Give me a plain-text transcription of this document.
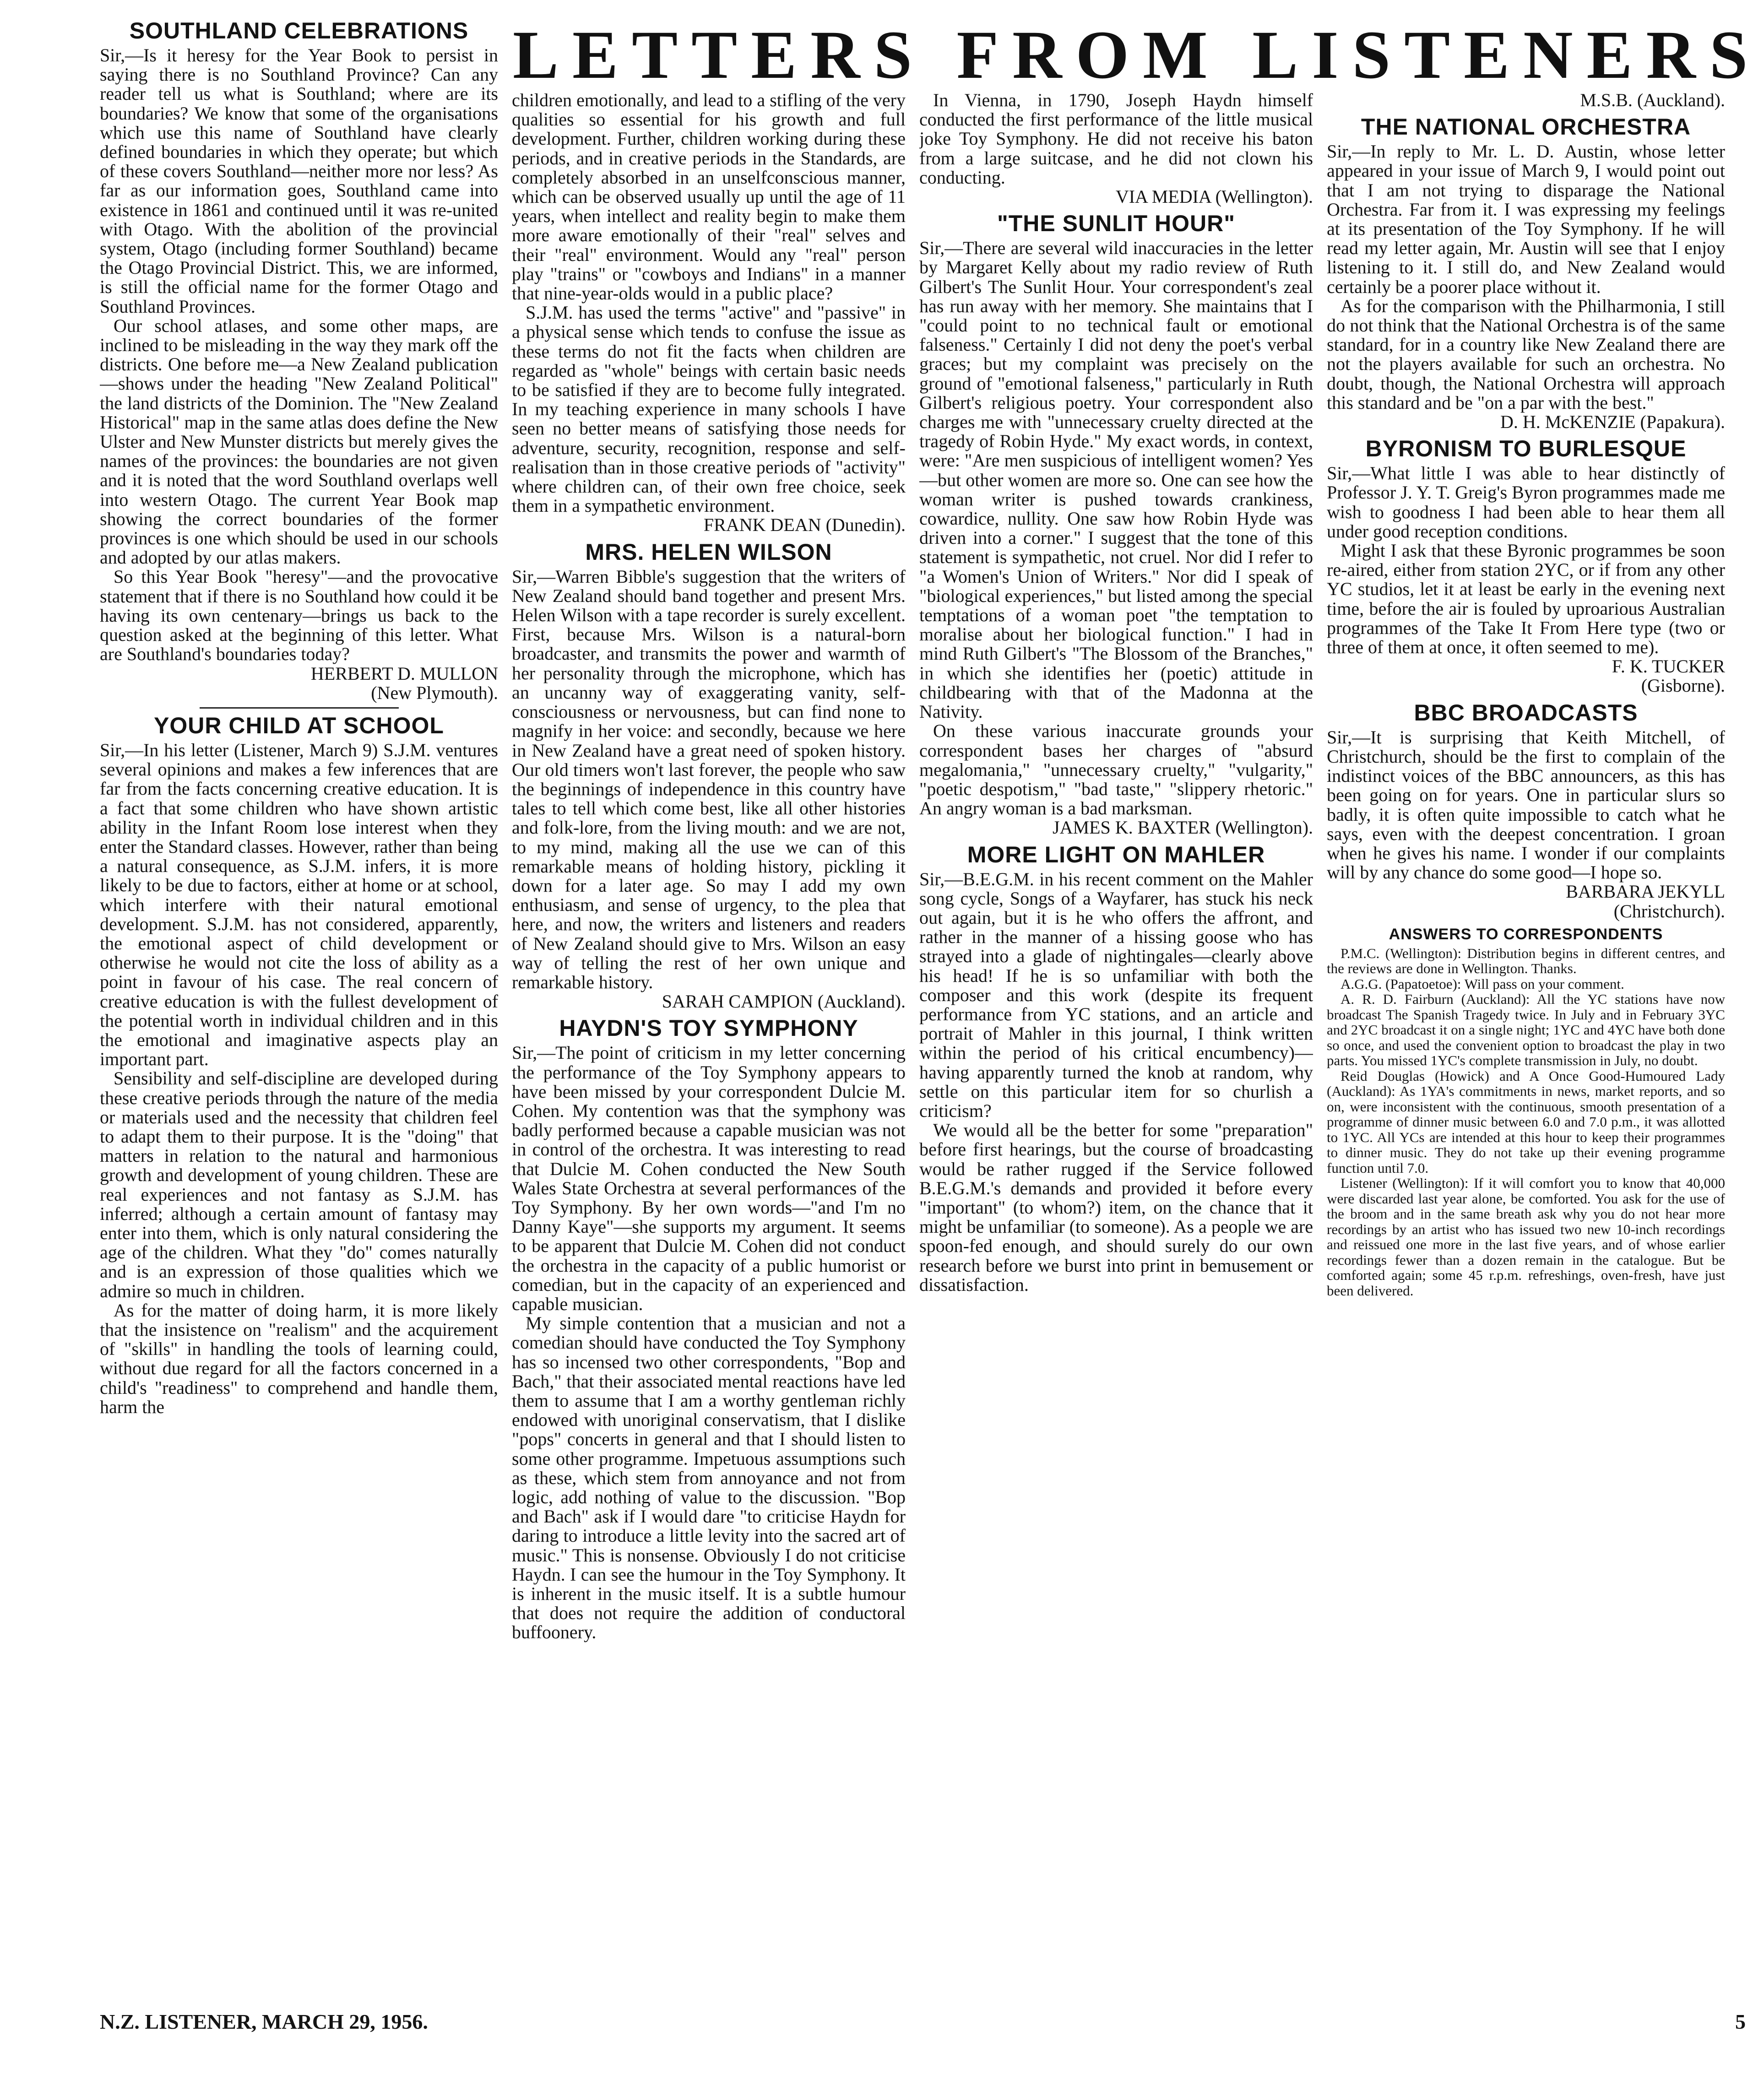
LETTERS FROM LISTENERS
SOUTHLAND CELEBRATIONS

Sir,—Is it heresy for the Year Book to persist in saying there is no Southland Province? Can any reader tell us what is Southland; where are its boundaries? We know that some of the organisations which use this name of Southland have clearly defined boundaries in which they operate; but which of these covers Southland—neither more nor less? As far as our information goes, Southland came into existence in 1861 and continued until it was re-united with Otago. With the abolition of the provincial system, Otago (including former Southland) became the Otago Provincial District. This, we are informed, is still the official name for the former Otago and Southland Provinces.

Our school atlases, and some other maps, are inclined to be misleading in the way they mark off the districts. One before me—a New Zealand publication—shows under the heading "New Zealand Political" the land districts of the Dominion. The "New Zealand Historical" map in the same atlas does define the New Ulster and New Munster districts but merely gives the names of the provinces: the boundaries are not given and it is noted that the word Southland overlaps well into western Otago. The current Year Book map showing the correct boundaries of the former provinces is one which should be used in our schools and adopted by our atlas makers.

So this Year Book "heresy"—and the provocative statement that if there is no Southland how could it be having its own centenary—brings us back to the question asked at the beginning of this letter. What are Southland's boundaries today?

HERBERT D. MULLON

(New Plymouth).

YOUR CHILD AT SCHOOL

Sir,—In his letter (Listener, March 9) S.J.M. ventures several opinions and makes a few inferences that are far from the facts concerning creative education. It is a fact that some children who have shown artistic ability in the Infant Room lose interest when they enter the Standard classes. However, rather than being a natural consequence, as S.J.M. infers, it is more likely to be due to factors, either at home or at school, which interfere with their natural emotional development. S.J.M. has not considered, apparently, the emotional aspect of child development or otherwise he would not cite the loss of ability as a point in favour of his case. The real concern of creative education is with the fullest development of the potential worth in individual children and in this the emotional and imaginative aspects play an important part.

Sensibility and self-discipline are developed during these creative periods through the nature of the media or materials used and the necessity that children feel to adapt them to their purpose. It is the "doing" that matters in relation to the natural and harmonious growth and development of young children. These are real experiences and not fantasy as S.J.M. has inferred; although a certain amount of fantasy may enter into them, which is only natural considering the age of the children. What they "do" comes naturally and is an expression of those qualities which we admire so much in children.

As for the matter of doing harm, it is more likely that the insistence on "realism" and the acquirement of "skills" in handling the tools of learning could, without due regard for all the factors concerned in a child's "readiness" to comprehend and handle them, harm the

children emotionally, and lead to a stifling of the very qualities so essential for his growth and full development. Further, children working during these periods, and in creative periods in the Standards, are completely absorbed in an unselfconscious manner, which can be observed usually up until the age of 11 years, when intellect and reality begin to make them more aware emotionally of their "real" selves and their "real" environment. Would any "real" person play "trains" or "cowboys and Indians" in a manner that nine-year-olds would in a public place?

S.J.M. has used the terms "active" and "passive" in a physical sense which tends to confuse the issue as these terms do not fit the facts when children are regarded as "whole" beings with certain basic needs to be satisfied if they are to become fully integrated. In my teaching experience in many schools I have seen no better means of satisfying those needs for adventure, security, recognition, response and self-realisation than in those creative periods of "activity" where children can, of their own free choice, seek them in a sympathetic environment.

FRANK DEAN (Dunedin).

MRS. HELEN WILSON

Sir,—Warren Bibble's suggestion that the writers of New Zealand should band together and present Mrs. Helen Wilson with a tape recorder is surely excellent. First, because Mrs. Wilson is a natural-born broadcaster, and transmits the power and warmth of her personality through the microphone, which has an uncanny way of exaggerating vanity, self-consciousness or nervousness, but can find none to magnify in her voice: and secondly, because we here in New Zealand have a great need of spoken history. Our old timers won't last forever, the people who saw the beginnings of independence in this country have tales to tell which come best, like all other histories and folk-lore, from the living mouth: and we are not, to my mind, making all the use we can of this remarkable means of holding history, pickling it down for a later age. So may I add my own enthusiasm, and sense of urgency, to the plea that here, and now, the writers and listeners and readers of New Zealand should give to Mrs. Wilson an easy way of telling the rest of her own unique and remarkable history.

SARAH CAMPION (Auckland).

HAYDN'S TOY SYMPHONY

Sir,—The point of criticism in my letter concerning the performance of the Toy Symphony appears to have been missed by your correspondent Dulcie M. Cohen. My contention was that the symphony was badly performed because a capable musician was not in control of the orchestra. It was interesting to read that Dulcie M. Cohen conducted the New South Wales State Orchestra at several performances of the Toy Symphony. By her own words—"and I'm no Danny Kaye"—she supports my argument. It seems to be apparent that Dulcie M. Cohen did not conduct the orchestra in the capacity of a public humorist or comedian, but in the capacity of an experienced and capable musician.

My simple contention that a musician and not a comedian should have conducted the Toy Symphony has so incensed two other correspondents, "Bop and Bach," that their associated mental reactions have led them to assume that I am a worthy gentleman richly endowed with unoriginal conservatism, that I dislike "pops" concerts in general and that I should listen to some other programme. Impetuous assumptions such as these, which stem from annoyance and not from logic, add nothing of value to the discussion. "Bop and Bach" ask if I would dare "to criticise Haydn for daring to introduce a little levity into the sacred art of music." This is nonsense. Obviously I do not criticise Haydn. I can see the humour in the Toy Symphony. It is inherent in the music itself. It is a subtle humour that does not require the addition of conductoral buffoonery.

In Vienna, in 1790, Joseph Haydn himself conducted the first performance of the little musical joke Toy Symphony. He did not receive his baton from a large suitcase, and he did not clown his conducting.

VIA MEDIA (Wellington).

"THE SUNLIT HOUR"

Sir,—There are several wild inaccuracies in the letter by Margaret Kelly about my radio review of Ruth Gilbert's The Sunlit Hour. Your correspondent's zeal has run away with her memory. She maintains that I "could point to no technical fault or emotional falseness." Certainly I did not deny the poet's verbal graces; but my complaint was precisely on the ground of "emotional falseness," particularly in Ruth Gilbert's religious poetry. Your correspondent also charges me with "unnecessary cruelty directed at the tragedy of Robin Hyde." My exact words, in context, were: "Are men suspicious of intelligent women? Yes—but other women are more so. One can see how the woman writer is pushed towards crankiness, cowardice, nullity. One saw how Robin Hyde was driven into a corner." I suggest that the tone of this statement is sympathetic, not cruel. Nor did I refer to "a Women's Union of Writers." Nor did I speak of "biological experiences," but listed among the special temptations of a woman poet "the temptation to moralise about her biological function." I had in mind Ruth Gilbert's "The Blossom of the Branches," in which she identifies her (poetic) attitude in childbearing with that of the Madonna at the Nativity.

On these various inaccurate grounds your correspondent bases her charges of "absurd megalomania," "unnecessary cruelty," "vulgarity," "poetic despotism," "bad taste," "slippery rhetoric." An angry woman is a bad marksman.

JAMES K. BAXTER (Wellington).

MORE LIGHT ON MAHLER

Sir,—B.E.G.M. in his recent comment on the Mahler song cycle, Songs of a Wayfarer, has stuck his neck out again, but it is he who offers the affront, and rather in the manner of a hissing goose who has strayed into a glade of nightingales—clearly above his head! If he is so unfamiliar with both the composer and this work (despite its frequent performance from YC stations, and an article and portrait of Mahler in this journal, I think written within the period of his critical encumbency)—having apparently turned the knob at random, why settle on this particular item for so churlish a criticism?

We would all be the better for some "preparation" before first hearings, but the course of broadcasting would be rather rugged if the Service followed B.E.G.M.'s demands and provided it before every "important" (to whom?) item, on the chance that it might be unfamiliar (to someone). As a people we are spoon-fed enough, and should surely do our own research before we burst into print in bemusement or dissatisfaction.

M.S.B. (Auckland).

THE NATIONAL ORCHESTRA

Sir,—In reply to Mr. L. D. Austin, whose letter appeared in your issue of March 9, I would point out that I am not trying to disparage the National Orchestra. Far from it. I was expressing my feelings at its presentation of the Toy Symphony. If he will read my letter again, Mr. Austin will see that I enjoy listening to it. I still do, and New Zealand would certainly be a poorer place without it.

As for the comparison with the Philharmonia, I still do not think that the National Orchestra is of the same standard, for in a country like New Zealand there are not the players available for such an orchestra. No doubt, though, the National Orchestra will approach this standard and be "on a par with the best."

D. H. McKENZIE (Papakura).

BYRONISM TO BURLESQUE

Sir,—What little I was able to hear distinctly of Professor J. Y. T. Greig's Byron programmes made me wish to goodness I had been able to hear them all under good reception conditions.

Might I ask that these Byronic programmes be soon re-aired, either from station 2YC, or if from any other YC studios, let it at least be early in the evening next time, before the air is fouled by uproarious Australian programmes of the Take It From Here type (two or three of them at once, it often seemed to me).

F. K. TUCKER

(Gisborne).

BBC BROADCASTS

Sir,—It is surprising that Keith Mitchell, of Christchurch, should be the first to complain of the indistinct voices of the BBC announcers, as this has been going on for years. One in particular slurs so badly, it is often quite impossible to catch what he says, even with the deepest concentration. I groan when he gives his name. I wonder if our complaints will by any chance do some good—I hope so.

BARBARA JEKYLL

(Christchurch).

ANSWERS TO CORRESPONDENTS

P.M.C. (Wellington): Distribution begins in different centres, and the reviews are done in Wellington. Thanks.

A.G.G. (Papatoetoe): Will pass on your comment.

A. R. D. Fairburn (Auckland): All the YC stations have now broadcast The Spanish Tragedy twice. In July and in February 3YC and 2YC broadcast it on a single night; 1YC and 4YC have both done so once, and used the convenient option to broadcast the play in two parts. You missed 1YC's complete transmission in July, no doubt.

Reid Douglas (Howick) and A Once Good-Humoured Lady (Auckland): As 1YA's commitments in news, market reports, and so on, were inconsistent with the continuous, smooth presentation of a programme of dinner music between 6.0 and 7.0 p.m., it was allotted to 1YC. All YCs are intended at this hour to keep their programmes to dinner music. They do not take up their evening programme function until 7.0.

Listener (Wellington): If it will comfort you to know that 40,000 were discarded last year alone, be comforted. You ask for the use of the broom and in the same breath ask why you do not hear more recordings by an artist who has issued two new 10-inch recordings and reissued one more in the last five years, and of whose earlier recordings fewer than a dozen remain in the catalogue. But be comforted again; some 45 r.p.m. refreshings, oven-fresh, have just been delivered.

N.Z. LISTENER, MARCH 29, 1956.	5
